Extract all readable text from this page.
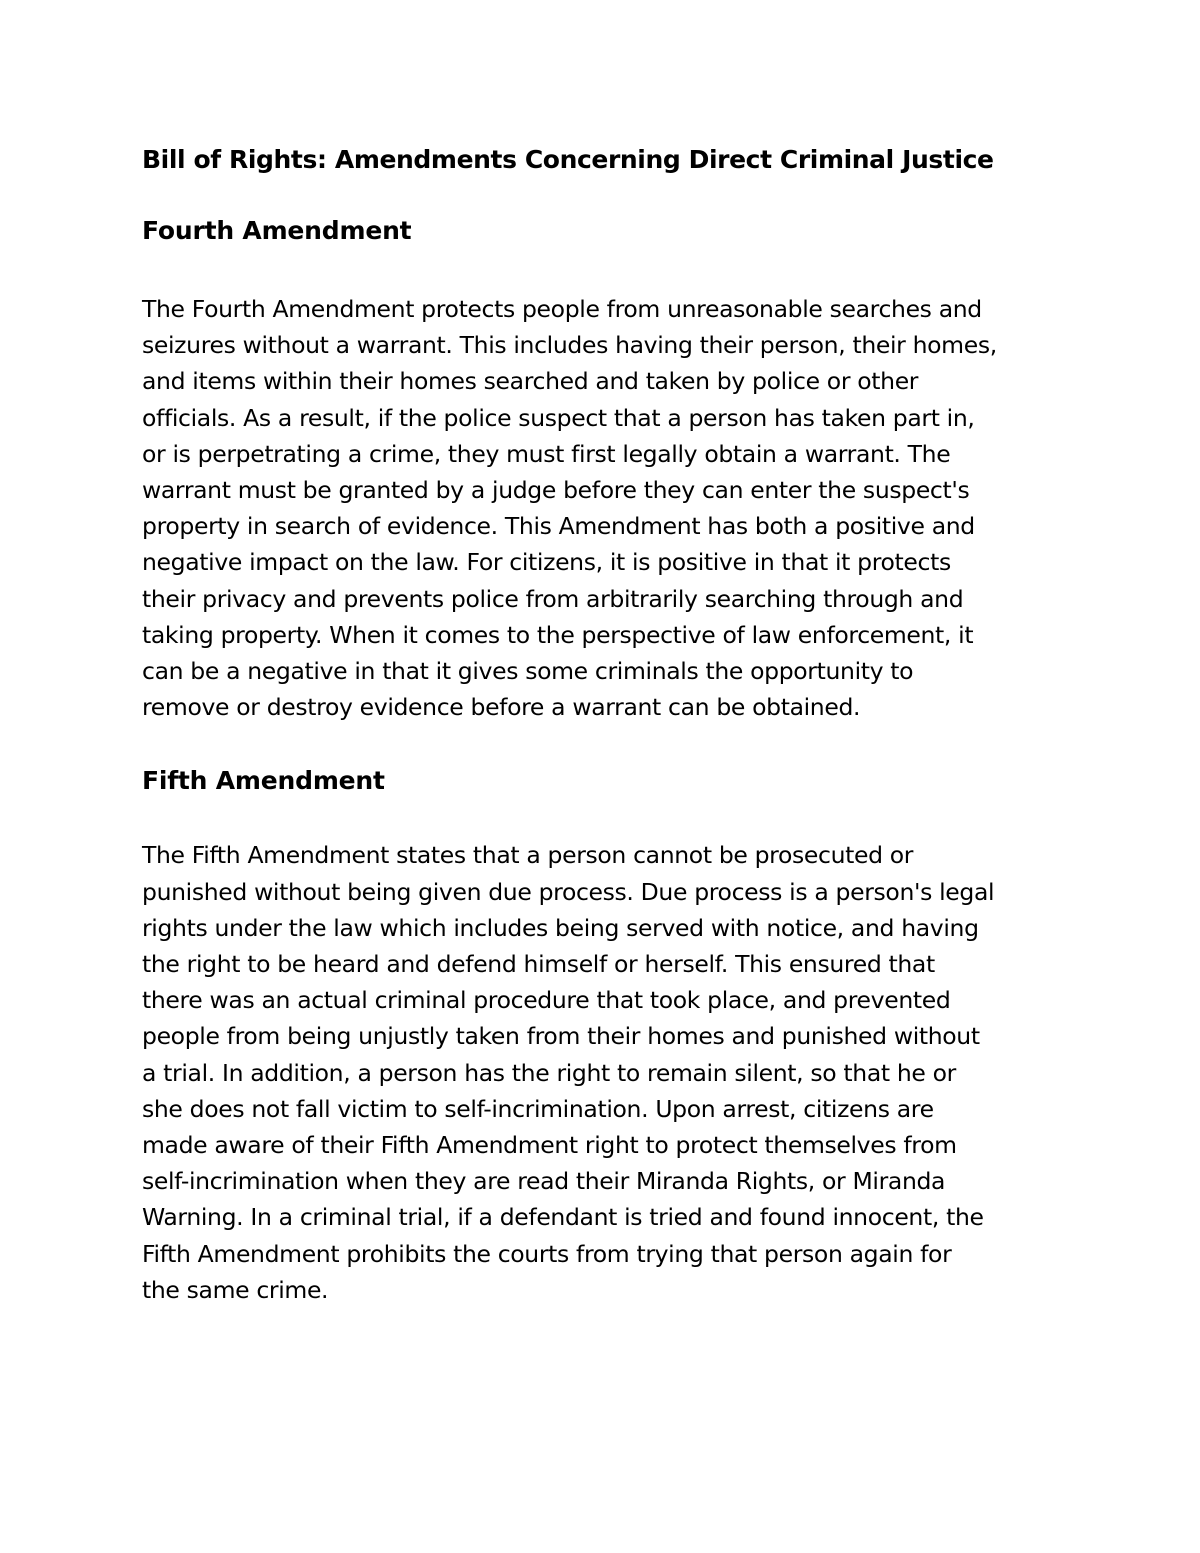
Bill of Rights: Amendments Concerning Direct Criminal Justice
Fourth Amendment

The Fourth Amendment protects people from unreasonable searches and
seizures without a warrant. This includes having their person, their homes,
and items within their homes searched and taken by police or other
officials. As a result, if the police suspect that a person has taken part in,
or is perpetrating a crime, they must first legally obtain a warrant. The
warrant must be granted by a judge before they can enter the suspect's
property in search of evidence. This Amendment has both a positive and
negative impact on the law. For citizens, it is positive in that it protects
their privacy and prevents police from arbitrarily searching through and
taking property. When it comes to the perspective of law enforcement, it
can be a negative in that it gives some criminals the opportunity to
remove or destroy evidence before a warrant can be obtained.

Fifth Amendment

The Fifth Amendment states that a person cannot be prosecuted or
punished without being given due process. Due process is a person's legal
rights under the law which includes being served with notice, and having
the right to be heard and defend himself or herself. This ensured that
there was an actual criminal procedure that took place, and prevented
people from being unjustly taken from their homes and punished without
a trial. In addition, a person has the right to remain silent, so that he or
she does not fall victim to self-incrimination. Upon arrest, citizens are
made aware of their Fifth Amendment right to protect themselves from
self-incrimination when they are read their Miranda Rights, or Miranda
Warning. In a criminal trial, if a defendant is tried and found innocent, the
Fifth Amendment prohibits the courts from trying that person again for
the same crime.
